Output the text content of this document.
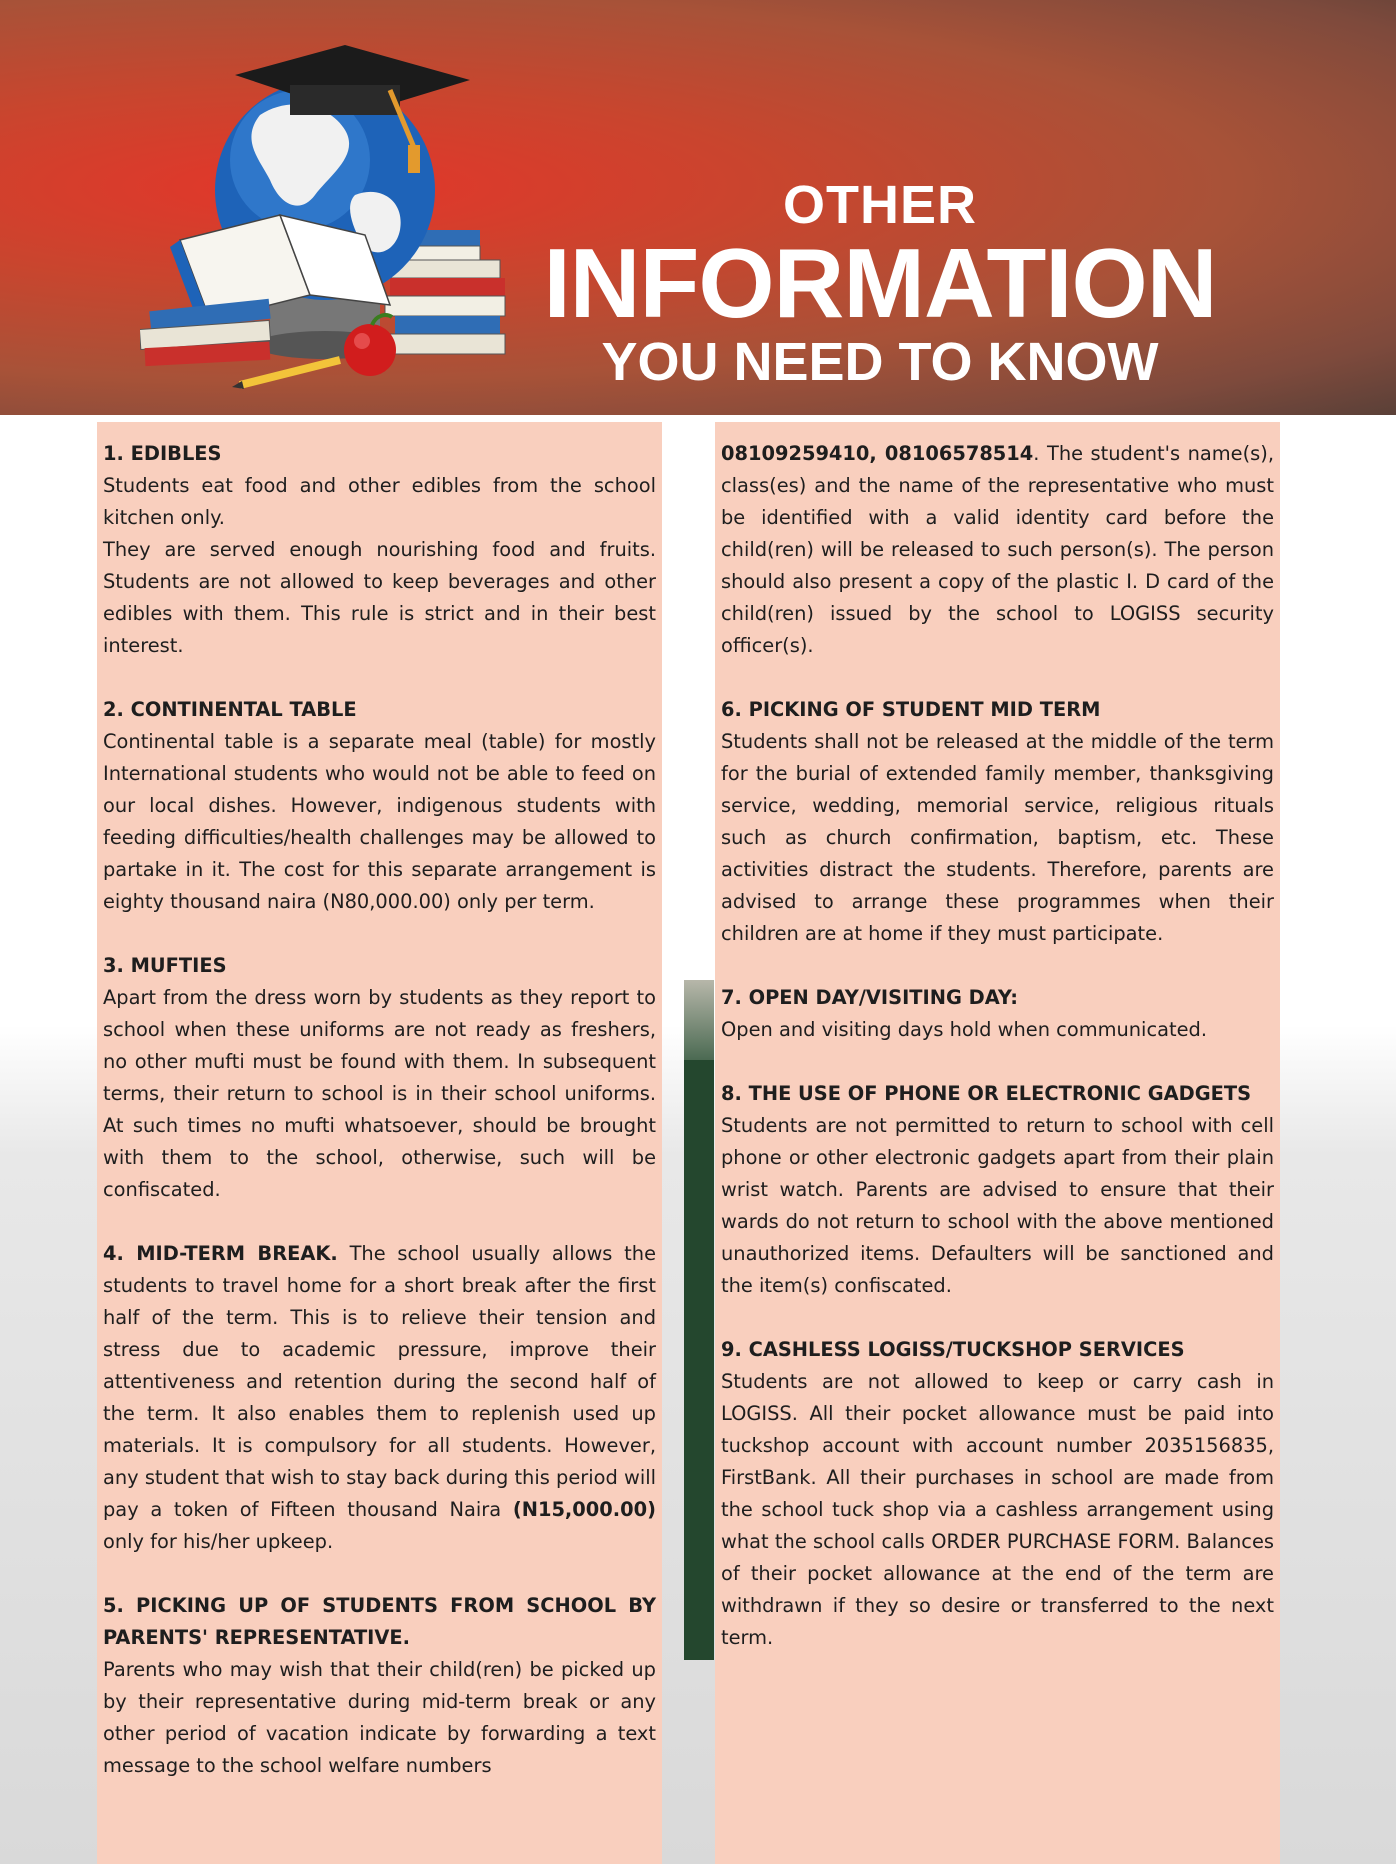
OTHER
INFORMATION
YOU NEED TO KNOW

1. EDIBLES

Students eat food and other edibles from the school kitchen only.

They are served enough nourishing food and fruits. Students are not allowed to keep beverages and other edibles with them. This rule is strict and in their best interest.

2. CONTINENTAL TABLE

Continental table is a separate meal (table) for mostly International students who would not be able to feed on our local dishes. However, indigenous students with feeding difficulties/health challenges may be allowed to partake in it. The cost for this separate arrangement is eighty thousand naira (N80,000.00) only per term.

3. MUFTIES

Apart from the dress worn by students as they report to school when these uniforms are not ready as freshers, no other mufti must be found with them. In subsequent terms, their return to school is in their school uniforms. At such times no mufti whatsoever, should be brought with them to the school, otherwise, such will be confiscated.

4. MID-TERM BREAK. The school usually allows the students to travel home for a short break after the first half of the term. This is to relieve their tension and stress due to academic pressure, improve their attentiveness and retention during the second half of the term. It also enables them to replenish used up materials. It is compulsory for all students. However, any student that wish to stay back during this period will pay a token of Fifteen thousand Naira (N15,000.00) only for his/her upkeep.

5. PICKING UP OF STUDENTS FROM SCHOOL BY PARENTS' REPRESENTATIVE.

Parents who may wish that their child(ren) be picked up by their representative during mid-term break or any other period of vacation indicate by forwarding a text message to the school welfare numbers

08109259410, 08106578514. The student's name(s), class(es) and the name of the representative who must be identified with a valid identity card before the child(ren) will be released to such person(s). The person should also present a copy of the plastic I. D card of the child(ren) issued by the school to LOGISS security officer(s).

6. PICKING OF STUDENT MID TERM

Students shall not be released at the middle of the term for the burial of extended family member, thanksgiving service, wedding, memorial service, religious rituals such as church confirmation, baptism, etc. These activities distract the students. Therefore, parents are advised to arrange these programmes when their children are at home if they must participate.

7. OPEN DAY/VISITING DAY:

Open and visiting days hold when communicated.

8. THE USE OF PHONE OR ELECTRONIC GADGETS

Students are not permitted to return to school with cell phone or other electronic gadgets apart from their plain wrist watch. Parents are advised to ensure that their wards do not return to school with the above mentioned unauthorized items. Defaulters will be sanctioned and the item(s) confiscated.

9. CASHLESS LOGISS/TUCKSHOP SERVICES

Students are not allowed to keep or carry cash in LOGISS. All their pocket allowance must be paid into tuckshop account with account number 2035156835, FirstBank. All their purchases in school are made from the school tuck shop via a cashless arrangement using what the school calls ORDER PURCHASE FORM. Balances of their pocket allowance at the end of the term are withdrawn if they so desire or transferred to the next term.
